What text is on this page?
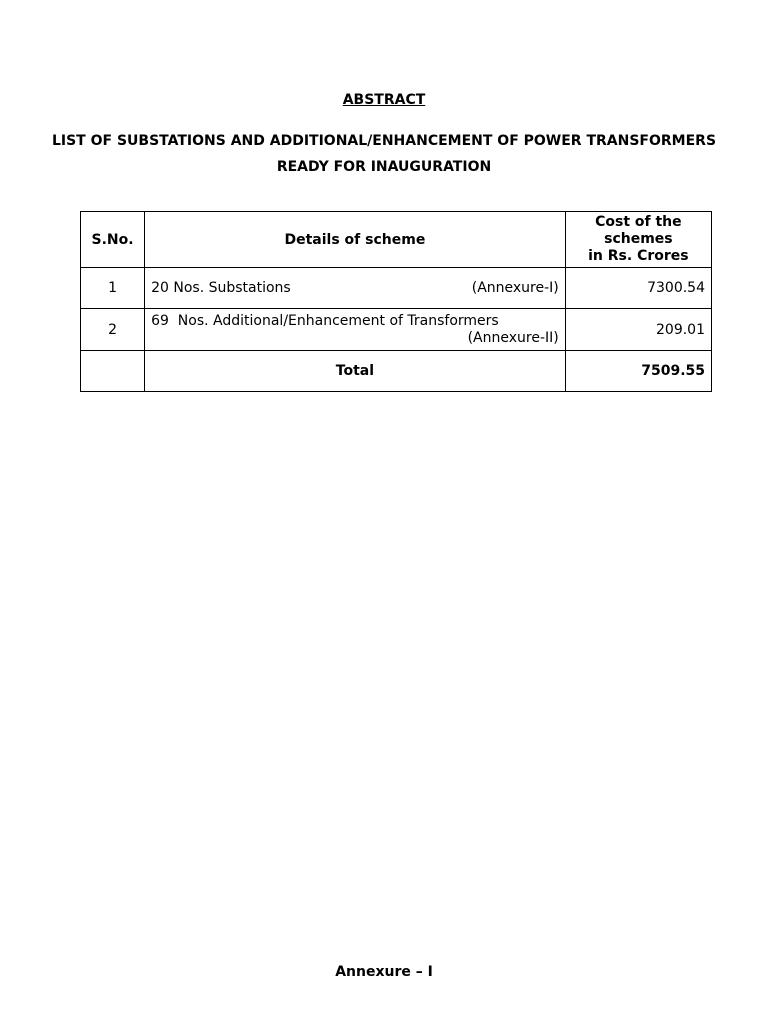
ABSTRACT
LIST OF SUBSTATIONS AND ADDITIONAL/ENHANCEMENT OF POWER TRANSFORMERS
READY FOR INAUGURATION
S.No.	Details of scheme	Cost of the
schemes
in Rs. Crores

1	20 Nos. Substations (Annexure-I)	7300.54
2	69  Nos. Additional/Enhancement of Transformers
(Annexure-II)	209.01
	Total	7509.55
Annexure – I
